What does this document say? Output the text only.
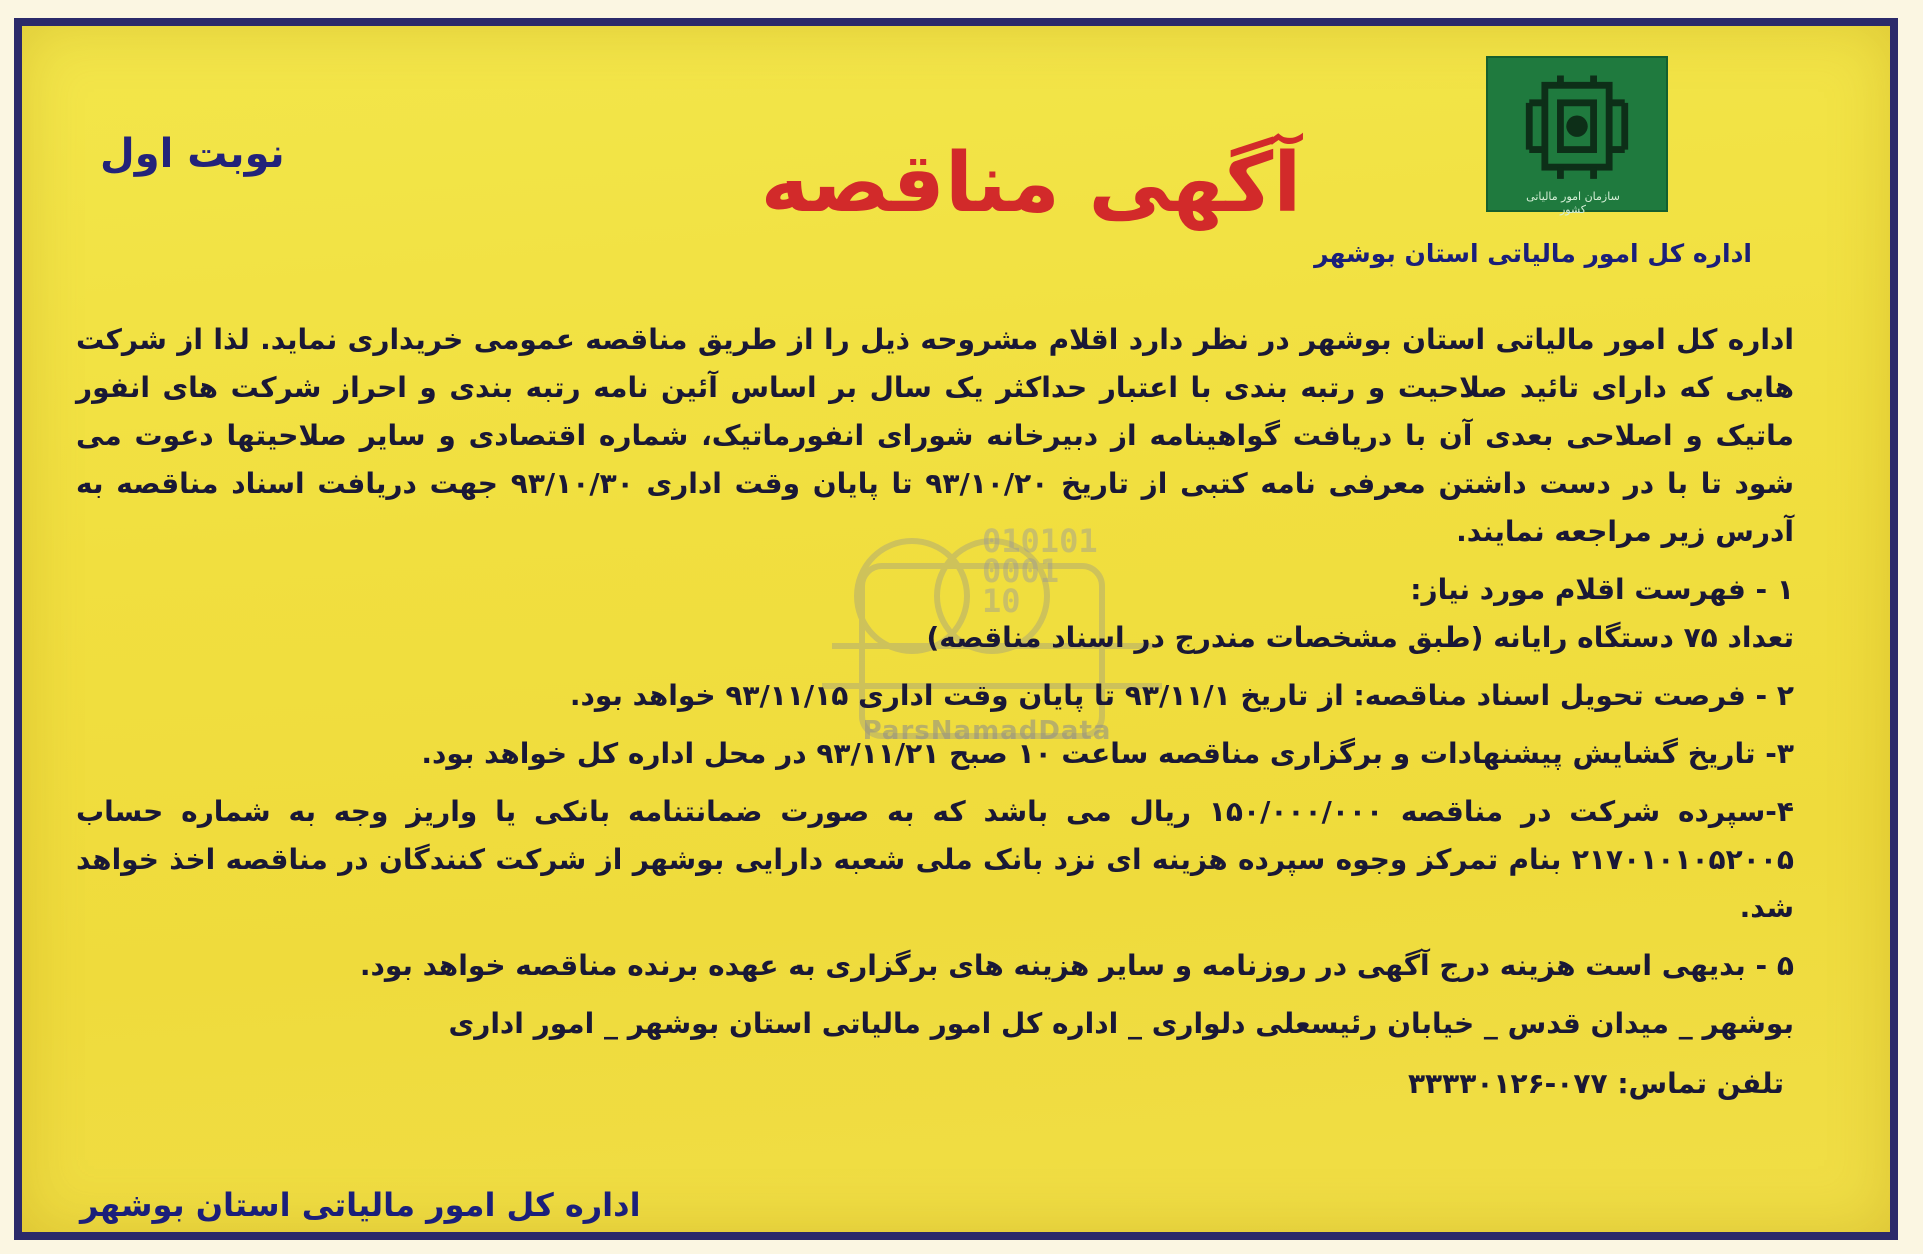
سازمان امور مالیاتی کشور
اداره کل امور مالیاتی استان بوشهر
آگهی مناقصه
نوبت اول
010101
0001
10
ParsNamadData

اداره کل امور مالیاتی استان بوشهر در نظر دارد اقلام مشروحه ذیل را از طریق مناقصه عمومی خریداری نماید. لذا از شرکت هایی که دارای تائید صلاحیت و رتبه بندی با اعتبار حداکثر یک سال بر اساس آئین نامه رتبه بندی و احراز شرکت های انفور ماتیک و اصلاحی بعدی آن با دریافت گواهینامه از دبیرخانه شورای انفورماتیک، شماره اقتصادی و سایر صلاحیتها دعوت می شود تا با در دست داشتن معرفی نامه کتبی از تاریخ ۹۳/۱۰/۲۰ تا پایان وقت اداری ۹۳/۱۰/۳۰ جهت دریافت اسناد مناقصه به آدرس زیر مراجعه نمایند.

۱ - فهرست اقلام مورد نیاز:

تعداد ۷۵ دستگاه رایانه (طبق مشخصات مندرج در اسناد مناقصه)

۲ - فرصت تحویل اسناد مناقصه: از تاریخ ۹۳/۱۱/۱ تا پایان وقت اداری ۹۳/۱۱/۱۵ خواهد بود.

۳- تاریخ گشایش پیشنهادات و برگزاری مناقصه ساعت ۱۰ صبح ۹۳/۱۱/۲۱ در محل اداره کل خواهد بود.

۴-سپرده شرکت در مناقصه ۱۵۰/۰۰۰/۰۰۰ ریال می باشد که به صورت ضمانتنامه بانکی یا واریز وجه به شماره حساب ۲۱۷۰۱۰۱۰۵۲۰۰۵ بنام تمرکز وجوه سپرده هزینه ای نزد بانک ملی شعبه دارایی بوشهر از شرکت کنندگان در مناقصه اخذ خواهد شد.

۵ - بدیهی است هزینه درج آگهی در روزنامه و سایر هزینه های برگزاری به عهده برنده مناقصه خواهد بود.

بوشهر _ میدان قدس _ خیابان رئیسعلی دلواری _ اداره کل امور مالیاتی استان بوشهر _ امور اداری

تلفن تماس: ۰۷۷-۳۳۳۳۰۱۲۶

اداره کل امور مالیاتی استان بوشهر
